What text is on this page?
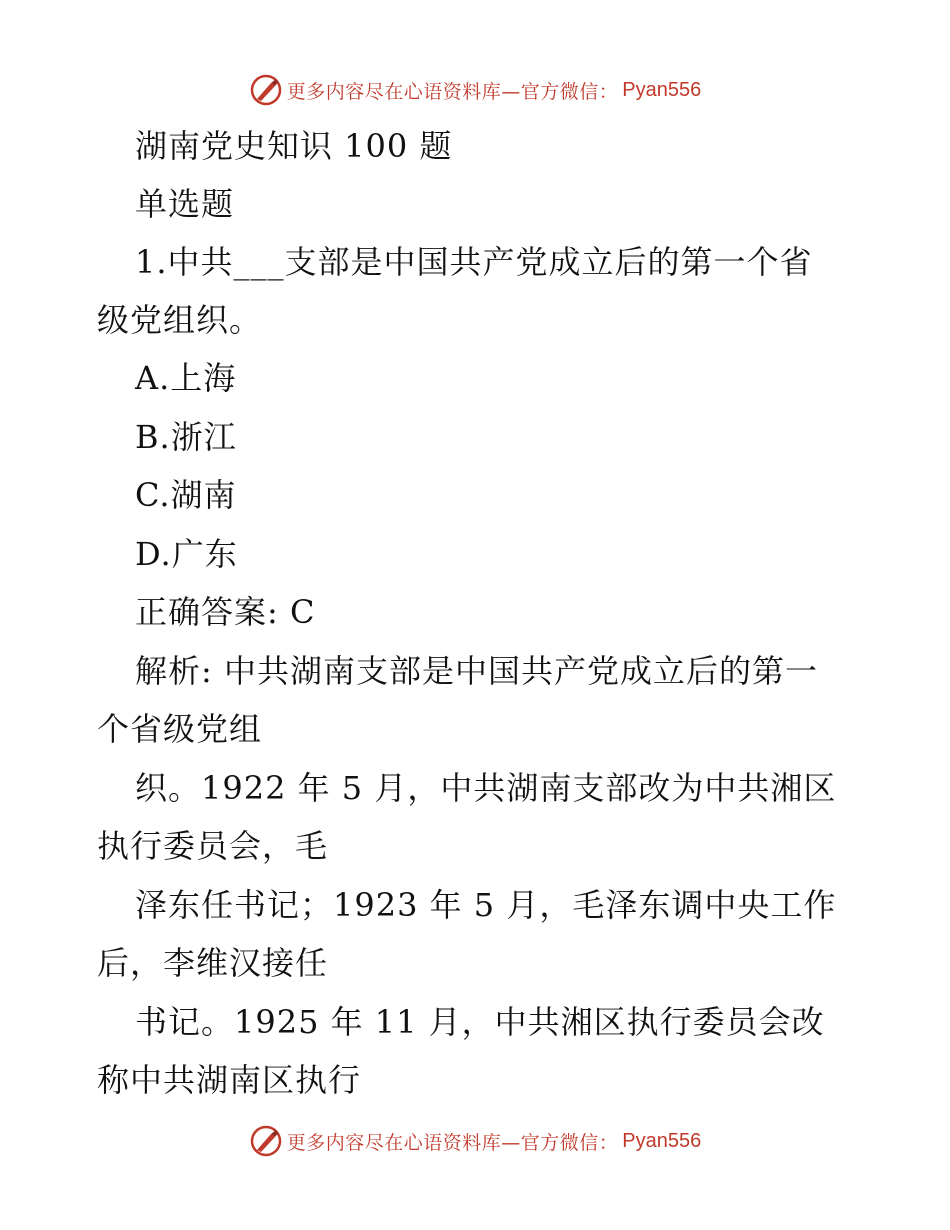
更多内容尽在心语资料库—官方微信： Pyan556
湖南党史知识 100 题
单选题
1.中共___支部是中国共产党成立后的第一个省
级党组织。
A.上海
B.浙江
C.湖南
D.广东
正确答案: C
解析: 中共湖南支部是中国共产党成立后的第一
个省级党组
织。1922 年 5 月，中共湖南支部改为中共湘区
执行委员会，毛
泽东任书记；1923 年 5 月，毛泽东调中央工作
后，李维汉接任
书记。1925 年 11 月，中共湘区执行委员会改
称中共湖南区执行
更多内容尽在心语资料库—官方微信： Pyan556
